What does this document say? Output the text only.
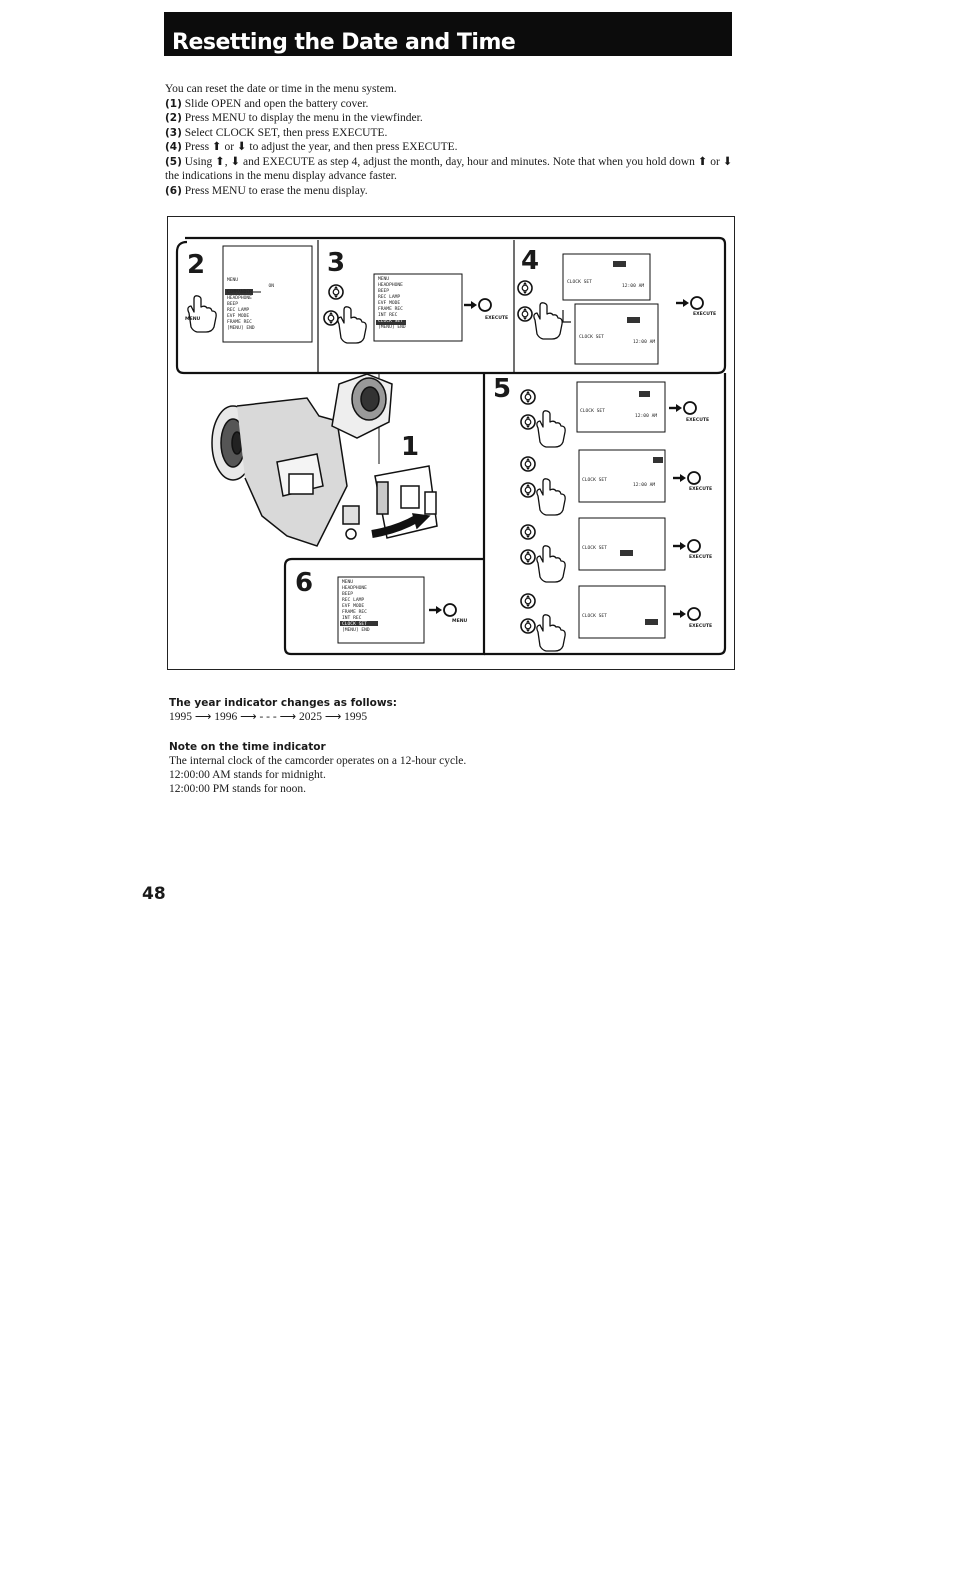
Resetting the Date and Time

You can reset the date or time in the menu system.

(1) Slide OPEN and open the battery cover.

(2) Press MENU to display the menu in the viewfinder.

(3) Select CLOCK SET, then press EXECUTE.

(4) Press ⬆ or ⬇ to adjust the year, and then press EXECUTE.

(5) Using ⬆, ⬇ and EXECUTE as step 4, adjust the month, day, hour and minutes. Note that when you hold down ⬆ or ⬇ the indications in the menu display advance faster.

(6) Press MENU to erase the menu display.

2	3	4
5
6
1
MENU
CLOCK SET	ON
COMMANDER
HEADPHONE
BEEP
REC LAMP
EVF MODE
FRAME REC
[MENU] END
MENU
MENU
HEADPHONE
BEEP
REC LAMP
EVF MODE
FRAME REC
INT REC
CLOCK SET
[MENU] END
EXECUTE
CLOCK SET
12:00 AM
CLOCK SET
12:00 AM
EXECUTE
CLOCK SET
12:00 AM
EXECUTE
CLOCK SET
12:00 AM
EXECUTE
CLOCK SET
EXECUTE
CLOCK SET
EXECUTE
MENU
HEADPHONE
BEEP
REC LAMP
EVF MODE
FRAME REC
INT REC
CLOCK SET
[MENU] END
MENU
The year indicator changes as follows:

1995 ⟶ 1996 ⟶ - - - ⟶ 2025 ⟶ 1995

Note on the time indicator

The internal clock of the camcorder operates on a 12-hour cycle.

12:00:00 AM stands for midnight.

12:00:00 PM stands for noon.

48
